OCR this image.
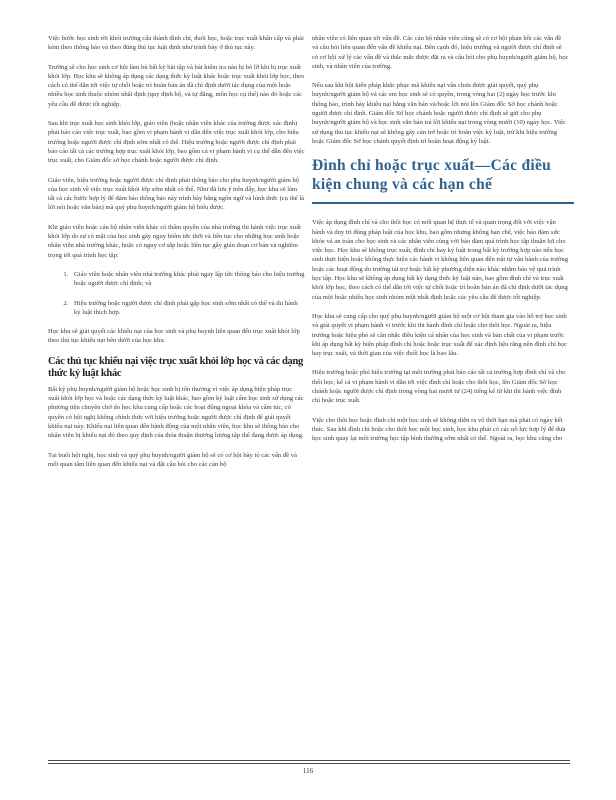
Việc bước học sinh rời khỏi trường cấu thành đình chỉ, đuổi học, hoặc trục xuất khẩn cấp và phải kèm theo thông báo và theo đúng thủ tục luật định như trình bày ở thủ tục này.

Trường sẽ cho học sinh cơ hội làm bù bất kỳ bài tập và bài kiểm tra nào bị bỏ lỡ khi bị trục xuất khỏi lớp. Học khu sẽ không áp dụng các dạng thức kỷ luật khác hoặc trục xuất khỏi lớp học, theo cách có thể dẫn tới việc tự chối hoặc trì hoãn bản án đã chỉ định dưới tác dụng của một hoặc nhiều học sinh thuộc nhóm nhất định (quy định bộ, và tự đăng, môn học cụ thể) nào đó hoặc các yêu cầu để được tốt nghiệp.

Sau khi trục xuất học sinh khỏi lớp, giáo viên (hoặc nhân viên khác của trường được xác định) phải báo cáo việc trục xuất, bao gồm vi phạm hành vi dẫn đến việc trục xuất khỏi lớp, cho hiệu trưởng hoặc người được chỉ định sớm nhất có thể. Hiệu trưởng hoặc người được chỉ định phải báo cáo tất cả các trường hợp trục xuất khỏi lớp, bao gồm cả vi phạm hành vi cụ thể dẫn đến việc trục xuất, cho Giám đốc sở học chánh hoặc người được chỉ định.

Giáo viên, hiệu trưởng hoặc người được chỉ định phải thông báo cho phụ huynh/người giám hộ của học sinh về việc trục xuất khỏi lớp sớm nhất có thể. Như đã lưu ý trên đây, học khu sẽ làm tất cả các bước hợp lý để đảm bảo thông báo này trình bày bằng ngôn ngữ và hình thức (cụ thể là lời nói hoặc văn bản) mà quý phụ huynh/người giám hộ hiểu được.

Khi giáo viên hoặc cán bộ nhân viên khác có thẩm quyền của nhà trường thi hành việc trục xuất khỏi lớp do sự có mặt của học sinh gây nguy hiểm tức thời và liên tục cho những học sinh hoặc nhân viên nhà trường khác, hoặc có nguy cơ sắp hoặc liên tục gây gián đoạn cơ bản và nghiêm trọng tới quá trình học tập:

1. Giáo viên hoặc nhân viên nhà trường khác phải ngay lập tức thông báo cho hiệu trưởng hoặc người được chỉ định; và
2. Hiệu trưởng hoặc người được chỉ định phải gặp học sinh sớm nhất có thể và thi hành kỷ luật thích hợp.

Học khu sẽ giải quyết các khiếu nại của học sinh và phụ huynh liên quan đến trục xuất khỏi lớp theo thủ tục khiếu nại bên dưới của học khu.

Các thủ tục khiếu nại việc trục xuất khỏi lớp học và các dạng thức kỷ luật khác

Bất kỳ phụ huynh/người giám hộ hoặc học sinh bị tổn thương vì việc áp dụng biện pháp trục xuất khỏi lớp học và hoặc các dạng thức kỷ luật khác, bao gồm kỷ luật cấm học sinh sử dụng các phương tiện chuyên chở do học khu cung cấp hoặc các hoạt động ngoại khóa và cấm túc, có quyền có hội nghị không chính thức với hiệu trưởng hoặc người được chỉ định để giải quyết khiếu nại này. Khiếu nại liên quan đến hành động của một nhân viên, học khu sẽ thông báo cho nhân viên bị khiếu nại đó theo quy định của thỏa thuận thương lượng tập thể đang được áp dụng.

Tại buổi hội nghị, học sinh và quý phụ huynh/người giám hộ sẽ có cơ hội bày tỏ các vấn đề và mối quan tâm liên quan đến khiếu nại và đặt câu hỏi cho các cán bộ

nhân viên có liên quan tới vấn đề. Các cán bộ nhân viên cũng sẽ có cơ hội phản hồi các vấn đề và câu hỏi liên quan đến vấn đề khiếu nại. Bên cạnh đó, hiệu trưởng và người được chỉ định sẽ có cơ hội xử lý các vấn đề và thắc mắc được đặt ra và câu hỏi cho phụ huynh/người giám hộ, học sinh, và nhân viên của trường.

Nếu sau khi hội kiến pháp khắc phục mà khiếu nại vẫn chưa được giải quyết, quý phụ huynh/người giám hộ và các em học sinh sẽ có quyền, trong vòng hai (2) ngày học trước khi thông báo, trình bày khiếu nại bằng văn bản và/hoặc lời nói lên Giám đốc Sở học chánh hoặc người được chỉ định. Giám đốc Sở học chánh hoặc người được chỉ định sẽ gửi cho phụ huynh/người giám hộ và học sinh văn bản trả lời khiếu nại trong vòng mười (10) ngày học. Việc sử dụng thủ tục khiếu nại sẽ không gây cản trở hoặc trì hoãn việc kỷ luật, trừ khi hiệu trưởng hoặc Giám đốc Sở học chánh quyết định trì hoãn hoạt động kỷ luật.

Đình chỉ hoặc trục xuất—Các điều kiện chung và các hạn chế

Việc áp dụng đình chỉ và cho thôi học có mối quan hệ thực tế và quan trọng đối với việc vận hành và duy trì đúng pháp luật của học khu, bao gồm nhưng không hạn chế, việc bảo đảm sức khỏe và an toàn cho học sinh và các nhân viên cùng với bảo đảm quá trình học tập thuận lợi cho việc học. Học khu sẽ không trục xuất, đình chỉ hay kỷ luật trong bất kỳ trường hợp nào nếu học sinh thực hiện hoặc không thực hiện các hành vi không liên quan đến trật tự vận hành của trường hoặc các hoạt động do trường tài trợ hoặc bất kỳ phương diện nào khác nhằm bảo vệ quá trình học tập. Học khu sẽ không áp dụng bất kỳ dạng thức kỷ luật nào, bao gồm đình chỉ và trục xuất khỏi lớp học, theo cách có thể dẫn tới việc tự chối hoặc trì hoãn bản án đã chỉ định dưới tác dụng của một hoặc nhiều học sinh nhóm một nhất định hoặc các yêu cầu để được tốt nghiệp.

Học khu sẽ cung cấp cho quý phụ huynh/người giám hộ một cơ hội tham gia vào hỗ trợ học sinh và giải quyết vi phạm hành vi trước khi thi hành đình chỉ hoặc cho thôi học. Ngoài ra, hiệu trưởng hoặc hiệu phó sẽ cân nhắc điều kiện cá nhân của học sinh và bản chất của vi phạm trước khi áp dụng bất kỳ biện pháp đình chỉ hoặc hoặc trục xuất để xác định liệu rằng nên đình chỉ học hay trục xuất, và thời gian của việc đuổi học là bao lâu.

Hiệu trưởng hoặc phó hiệu trưởng tại mỗi trường phải báo cáo tất cả trường hợp đình chỉ và cho thôi học, kể cả vi phạm hành vi dẫn tới việc đình chỉ hoặc cho thôi học, lên Giám đốc Sở học chánh hoặc người được chỉ định trong vòng hai mươi tư (24) tiếng kể từ khi thi hành việc đình chỉ hoặc trục xuất.

Việc cho thôi học hoặc đình chỉ một học sinh sẽ không diễn ra vô thời hạn mà phải có ngày kết thúc. Sau khi đình chỉ hoặc cho thôi học một học sinh, học khu phải có các nỗ lực hợp lý để đưa học sinh quay lại môi trường học tập bình thường sớm nhất có thể. Ngoài ra, học khu cũng cho

116
